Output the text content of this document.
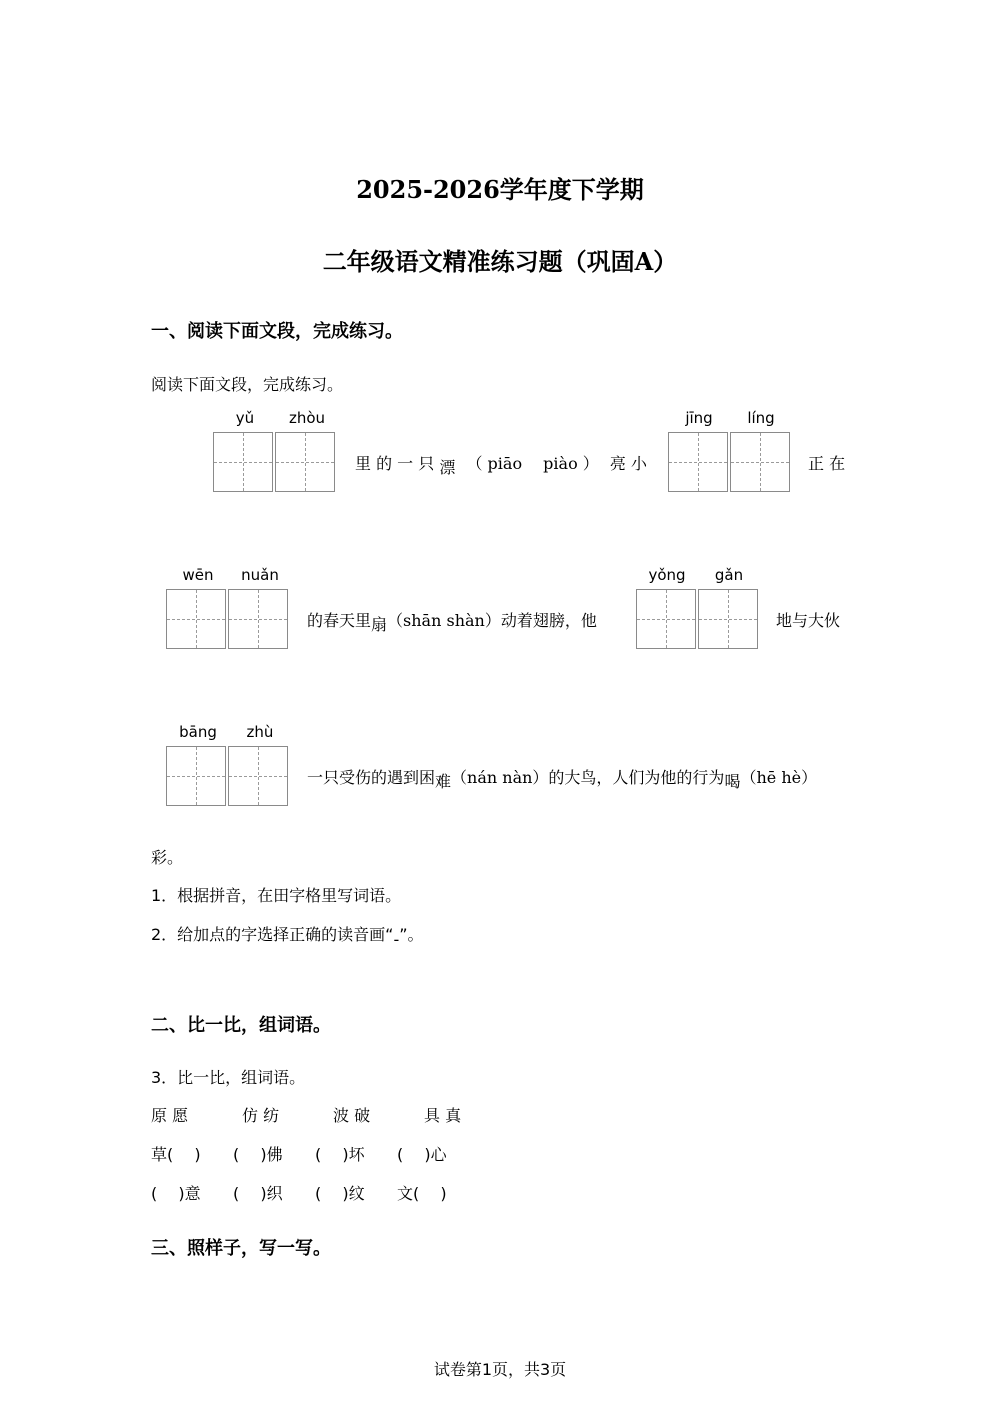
2025-2026学年度下学期
二年级语文精准练习题（巩固A）
一、阅读下面文段，完成练习。
阅读下面文段，完成练习。
yǔ	zhòu
里 的 一 只 漂 （ piāo　 piào ） 亮 小
jīng	líng
正 在
wēn	nuǎn
的春天里扇（shān shàn）动着翅膀，他
yǒng	gǎn
地与大伙
bāng	zhù
一只受伤的遇到困难（nán nàn）的大鸟，人们为他的行为喝（hē hè）
彩。
1．根据拼音，在田字格里写词语。
2．给加点的字选择正确的读音画“-”。
二、比一比，组词语。
3．比一比，组词语。
原 愿	仿 纺	波 破	具 真
草(　 ) (　 )佛 (　 )坏 (　 )心
(　 )意 (　 )织 (　 )纹 文(　 )
三、照样子，写一写。
试卷第1页，共3页
